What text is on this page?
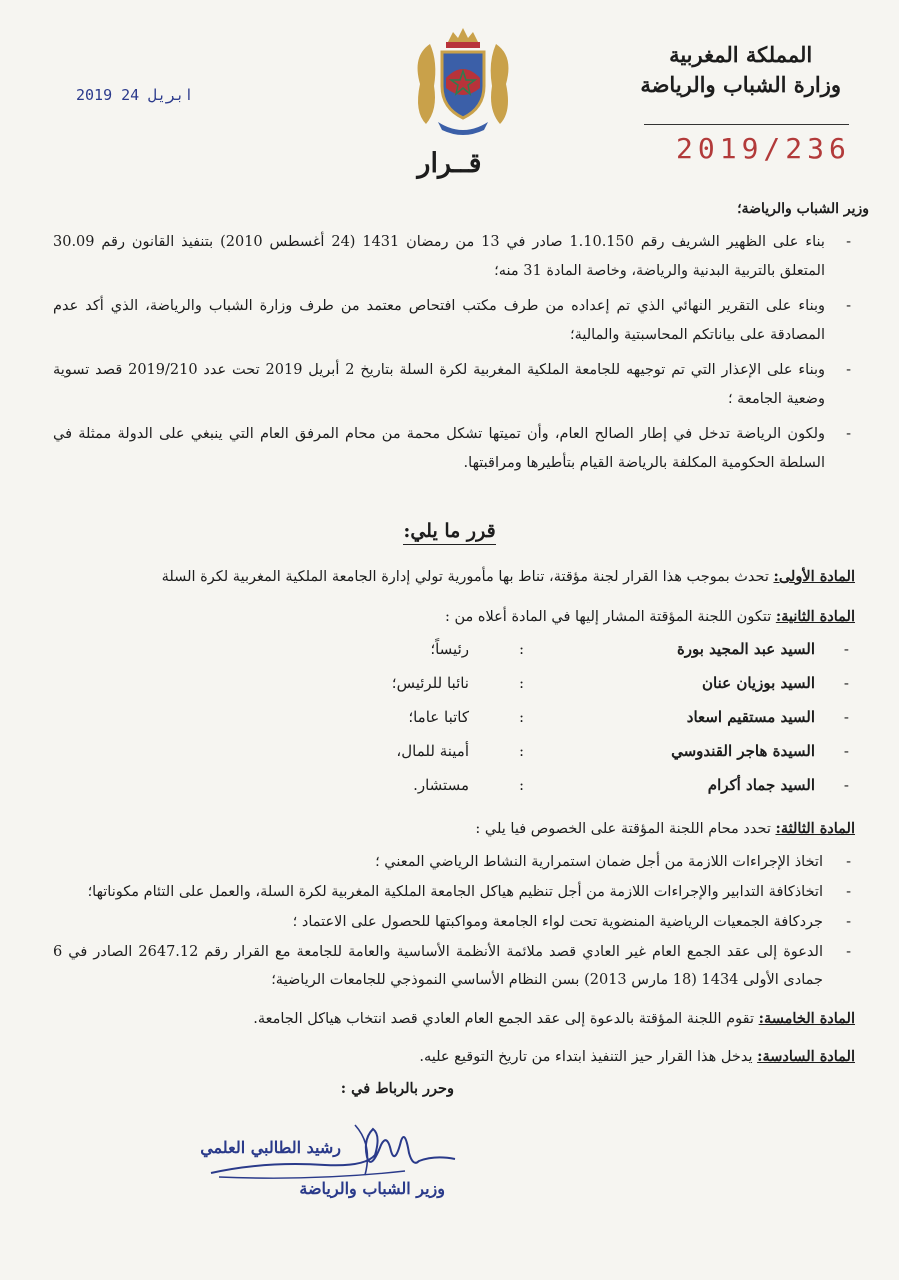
المملكة المغربية
وزارة الشباب والرياضة
2019/236
2019 24 ابريل
قــرار
وزير الشباب والرياضة؛
- بناء على الظهير الشريف رقم 1.10.150 صادر في 13 من رمضان 1431 (24 أغسطس 2010) بتنفيذ القانون رقم 30.09 المتعلق بالتربية البدنية والرياضة، وخاصة المادة 31 منه؛
- وبناء على التقرير النهائي الذي تم إعداده من طرف مكتب افتحاص معتمد من طرف وزارة الشباب والرياضة، الذي أكد عدم المصادقة على بياناتكم المحاسبتية والمالية؛
- وبناء على الإعذار التي تم توجيهه للجامعة الملكية المغربية لكرة السلة بتاريخ 2 أبريل 2019 تحت عدد 2019/210 قصد تسوية وضعية الجامعة ؛
- ولكون الرياضة تدخل في إطار الصالح العام، وأن تميتها تشكل محمة من محام المرفق العام التي ينبغي على الدولة ممثلة في السلطة الحكومية المكلفة بالرياضة القيام بتأطيرها ومراقبتها.
قرر ما يلي:
المادة الأولى: تحدث بموجب هذا القرار لجنة مؤقتة، تناط بها مأمورية تولي إدارة الجامعة الملكية المغربية لكرة السلة
المادة الثانية: تتكون اللجنة المؤقتة المشار إليها في المادة أعلاه من :
-
السيد عبد المجيد بورة
:
رئيساً؛
-
السيد بوزيان عنان
:
نائبا للرئيس؛
-
السيد مستقيم اسعاد
:
كاتبا عاما؛
-
السيدة هاجر القندوسي
:
أمينة للمال،
-
السيد جماد أكرام
:
مستشار.
المادة الثالثة: تحدد محام اللجنة المؤقتة على الخصوص فيا يلي :
- اتخاذ الإجراءات اللازمة من أجل ضمان استمرارية النشاط الرياضي المعني ؛
- اتخاذكافة التدابير والإجراءات اللازمة من أجل تنظيم هياكل الجامعة الملكية المغربية لكرة السلة، والعمل على التئام مكوناتها؛
- جردكافة الجمعيات الرياضية المنضوية تحت لواء الجامعة ومواكبتها للحصول على الاعتماد ؛
- الدعوة إلى عقد الجمع العام غير العادي قصد ملائمة الأنظمة الأساسية والعامة للجامعة مع القرار رقم 2647.12 الصادر في 6 جمادى الأولى 1434 (18 مارس 2013) بسن النظام الأساسي النموذجي للجامعات الرياضية؛
المادة الخامسة: تقوم اللجنة المؤقتة بالدعوة إلى عقد الجمع العام العادي قصد انتخاب هياكل الجامعة.
المادة السادسة: يدخل هذا القرار حيز التنفيذ ابتداء من تاريخ التوقيع عليه.
وحرر بالرباط في :
رشيد الطالبي العلمي
وزير الشباب والرياضة
